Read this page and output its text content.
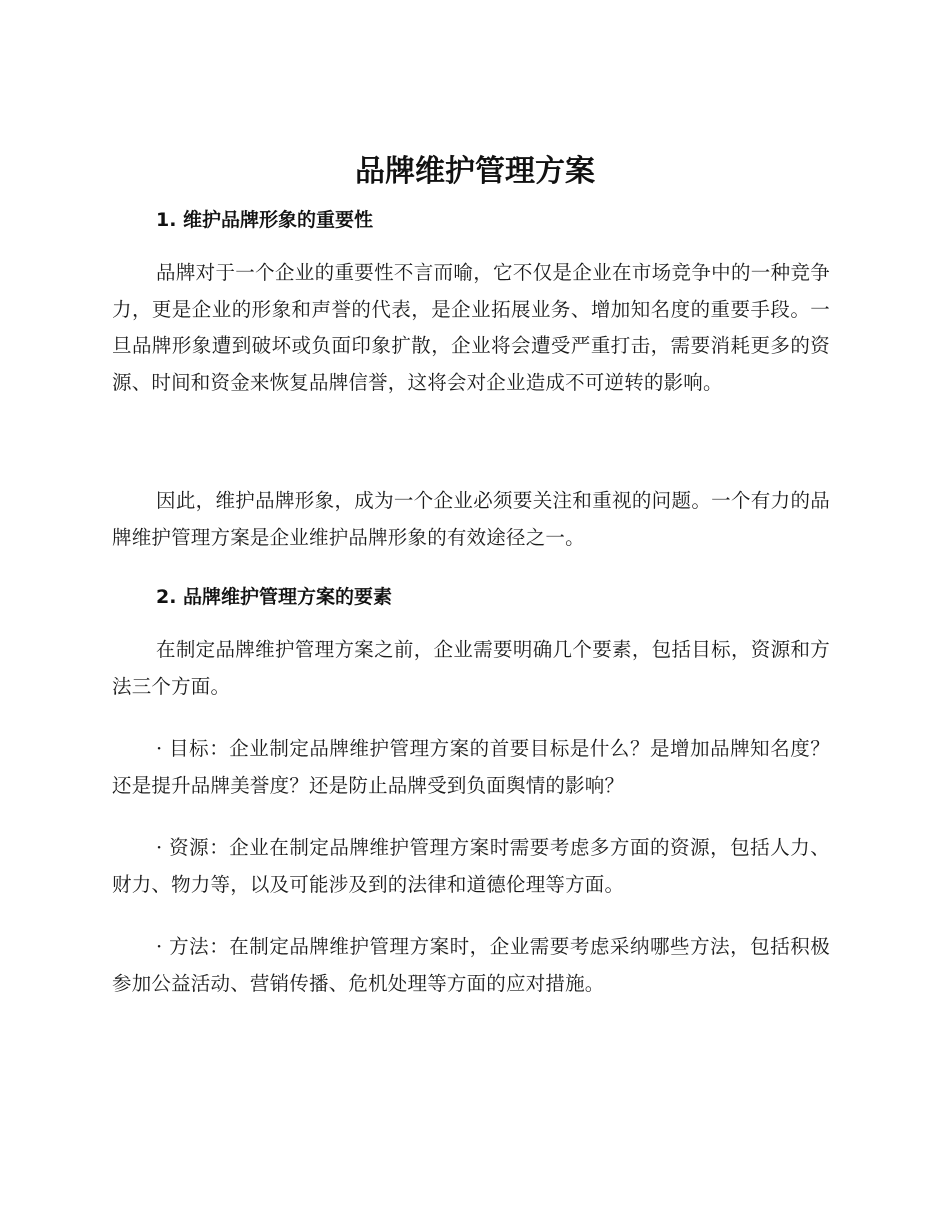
品牌维护管理方案
1. 维护品牌形象的重要性

品牌对于一个企业的重要性不言而喻，它不仅是企业在市场竞争中的一种竞争力，更是企业的形象和声誉的代表，是企业拓展业务、增加知名度的重要手段。一旦品牌形象遭到破坏或负面印象扩散，企业将会遭受严重打击，需要消耗更多的资源、时间和资金来恢复品牌信誉，这将会对企业造成不可逆转的影响。

因此，维护品牌形象，成为一个企业必须要关注和重视的问题。一个有力的品牌维护管理方案是企业维护品牌形象的有效途径之一。

2. 品牌维护管理方案的要素

在制定品牌维护管理方案之前，企业需要明确几个要素，包括目标，资源和方法三个方面。

· 目标：企业制定品牌维护管理方案的首要目标是什么？是增加品牌知名度？还是提升品牌美誉度？还是防止品牌受到负面舆情的影响？

· 资源：企业在制定品牌维护管理方案时需要考虑多方面的资源，包括人力、财力、物力等，以及可能涉及到的法律和道德伦理等方面。

· 方法：在制定品牌维护管理方案时，企业需要考虑采纳哪些方法，包括积极参加公益活动、营销传播、危机处理等方面的应对措施。
